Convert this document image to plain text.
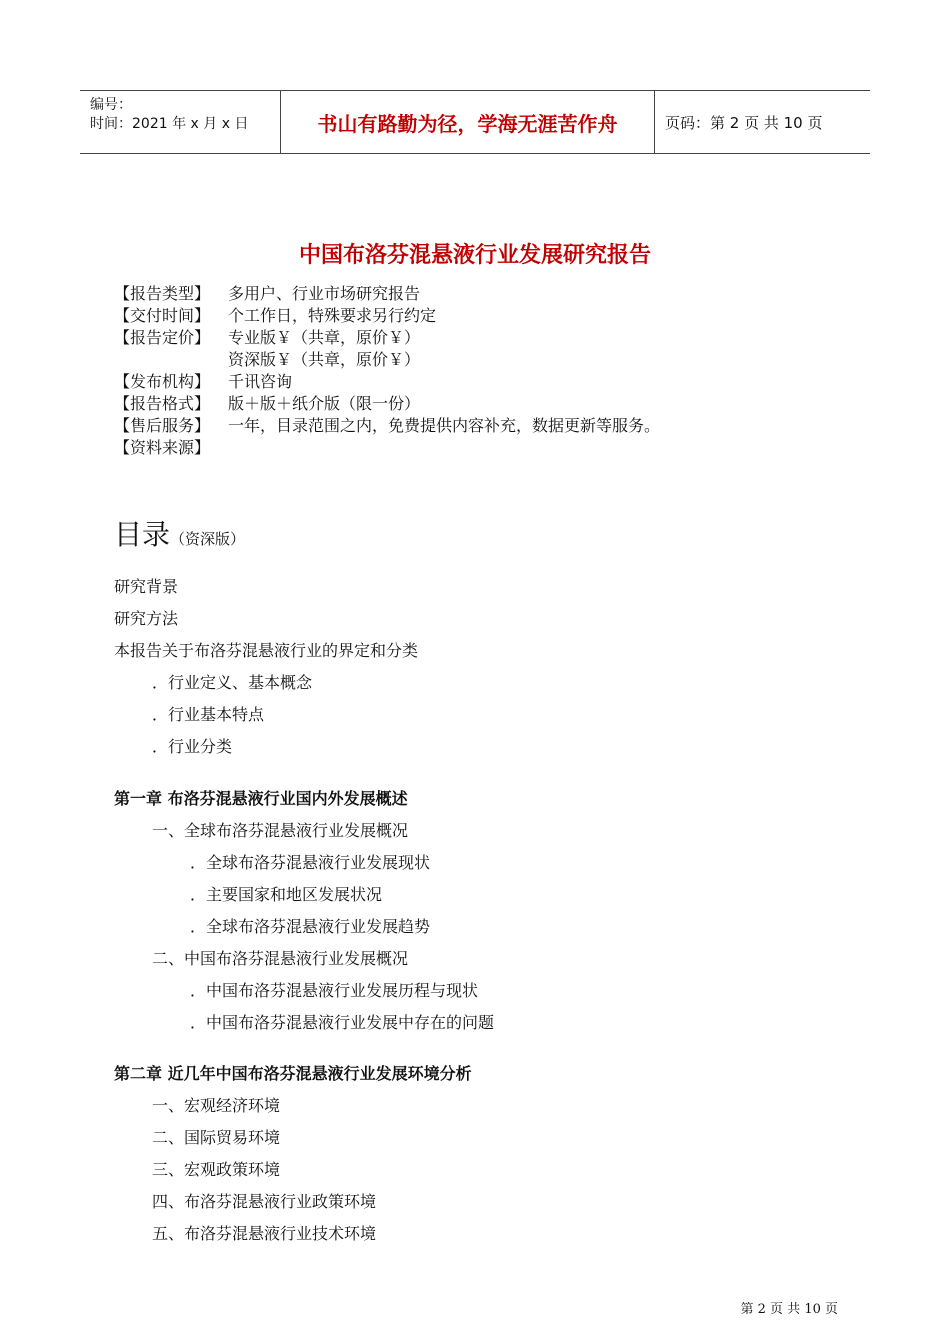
编号：
时间：2021 年 x 月 x 日	书山有路勤为径，学海无涯苦作舟	页码：第 2 页 共 10 页
中国布洛芬混悬液行业发展研究报告
【报告类型】 多用户、行业市场研究报告
【交付时间】 个工作日，特殊要求另行约定
【报告定价】 专业版￥（共章，原价￥）
资深版￥（共章，原价￥）
【发布机构】 千讯咨询
【报告格式】 版＋版＋纸介版（限一份）
【售后服务】 一年，目录范围之内，免费提供内容补充，数据更新等服务。
【资料来源】
目录（资深版）
研究背景
研究方法
本报告关于布洛芬混悬液行业的界定和分类
．行业定义、基本概念
．行业基本特点
．行业分类
第一章 布洛芬混悬液行业国内外发展概述
一、全球布洛芬混悬液行业发展概况
．全球布洛芬混悬液行业发展现状
．主要国家和地区发展状况
．全球布洛芬混悬液行业发展趋势
二、中国布洛芬混悬液行业发展概况
．中国布洛芬混悬液行业发展历程与现状
．中国布洛芬混悬液行业发展中存在的问题
第二章 近几年中国布洛芬混悬液行业发展环境分析
一、宏观经济环境
二、国际贸易环境
三、宏观政策环境
四、布洛芬混悬液行业政策环境
五、布洛芬混悬液行业技术环境
第 2 页 共 10 页
